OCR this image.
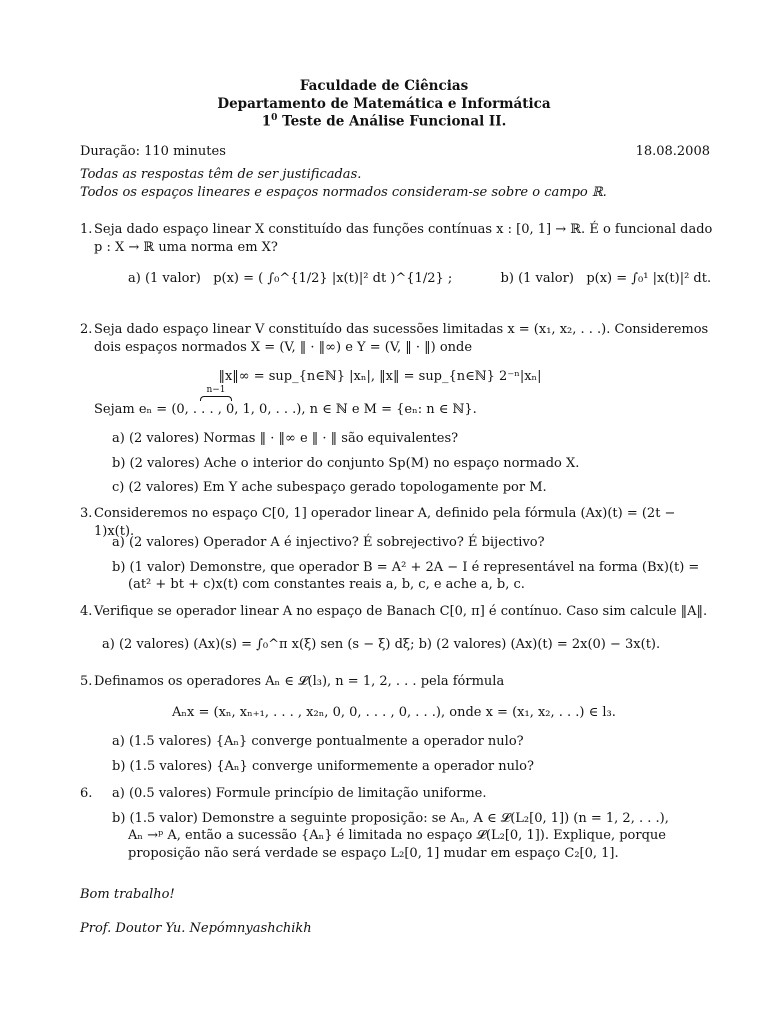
Faculdade de Ciências
Departamento de Matemática e Informática
$1^0$ Teste de Análise Funcional II.
Duração: 110 minutes	18.08.2008
Todas as respostas têm de ser justificadas.
Todos os espaços lineares e espaços normados consideram-se sobre o campo ℝ.
1. Seja dado espaço linear X constituído das funções contínuas x : [0, 1] → ℝ. É o funcional dado
p : X → ℝ uma norma em X?
a) (1 valor) p(x) = ( ∫₀^{1/2} |x(t)|² dt )^{1/2} ;	b) (1 valor) p(x) = ∫₀¹ |x(t)|² dt.
2. Seja dado espaço linear V constituído das sucessões limitadas x = (x₁, x₂, . . .). Consideremos
dois espaços normados X = (V, ‖ · ‖∞) e Y = (V, ‖ · ‖) onde
‖x‖∞ = sup_{n∈ℕ} |xₙ|, ‖x‖ = sup_{n∈ℕ} 2⁻ⁿ|xₙ|
n−1
Sejam eₙ = (0, . . . , 0, 1, 0, . . .), n ∈ ℕ e M = {eₙ: n ∈ ℕ}.
a) (2 valores) Normas ‖ · ‖∞ e ‖ · ‖ são equivalentes?
b) (2 valores) Ache o interior do conjunto Sp(M) no espaço normado X.
c) (2 valores) Em Y ache subespaço gerado topologamente por M.
3. Consideremos no espaço C[0, 1] operador linear A, definido pela fórmula (Ax)(t) = (2t − 1)x(t).
a) (2 valores) Operador A é injectivo? É sobrejectivo? É bijectivo?
b) (1 valor) Demonstre, que operador B = A² + 2A − I é representável na forma (Bx)(t) =
(at² + bt + c)x(t) com constantes reais a, b, c, e ache a, b, c.
4. Verifique se operador linear A no espaço de Banach C[0, π] é contínuo. Caso sim calcule ‖A‖.
a) (2 valores) (Ax)(s) = ∫₀^π x(ξ) sen (s − ξ) dξ; b) (2 valores) (Ax)(t) = 2x(0) − 3x(t).
5. Definamos os operadores Aₙ ∈ 𝓛(l₃), n = 1, 2, . . . pela fórmula
Aₙx = (xₙ, xₙ₊₁, . . . , x₂ₙ, 0, 0, . . . , 0, . . .), onde x = (x₁, x₂, . . .) ∈ l₃.
a) (1.5 valores) {Aₙ} converge pontualmente a operador nulo?
b) (1.5 valores) {Aₙ} converge uniformemente a operador nulo?
6. a) (0.5 valores) Formule princípio de limitação uniforme.
b) (1.5 valor) Demonstre a seguinte proposição: se Aₙ, A ∈ 𝓛(L₂[0, 1]) (n = 1, 2, . . .),
Aₙ →ᵖ A, então a sucessão {Aₙ} é limitada no espaço 𝓛(L₂[0, 1]). Explique, porque
proposição não será verdade se espaço L₂[0, 1] mudar em espaço C₂[0, 1].
Bom trabalho!
Prof. Doutor Yu. Nepómnyashchikh
